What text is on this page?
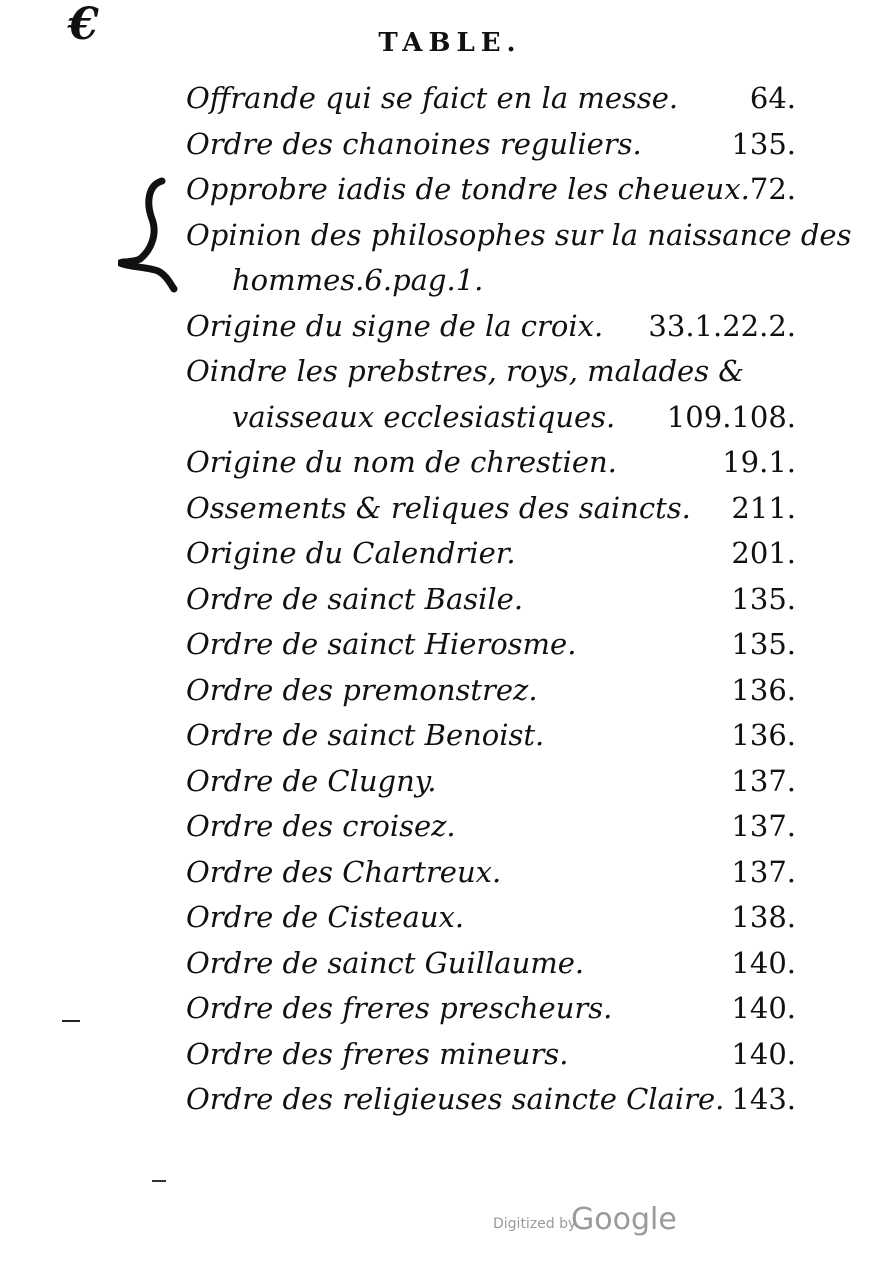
€	TABLE.
Offrande qui se faict en la messe. 64.
Ordre des chanoines reguliers.	135.
Opprobre iadis de tondre les cheueux. 72.
Opinion des philosophes sur la naissance des
hommes.6.pag.1.
Origine du signe de la croix. 33.1.22.2.
Oindre les prebstres, roys, malades &
vaisseaux ecclesiastiques. 109.108.
Origine du nom de chrestien.	19.1.
Ossements & reliques des saincts. 211.
Origine du Calendrier.	201.
Ordre de sainct Basile.	135.
Ordre de sainct Hierosme.	135.
Ordre des premonstrez.	136.
Ordre de sainct Benoist.	136.
Ordre de Clugny.	137.
Ordre des croisez.	137.
Ordre des Chartreux.	137.
Ordre de Cisteaux.	138.
Ordre de sainct Guillaume.	140.
Ordre des freres prescheurs.	140.
Ordre des freres mineurs.	140.
Ordre des religieuses saincte Claire. 143.
Digitized by
Google
